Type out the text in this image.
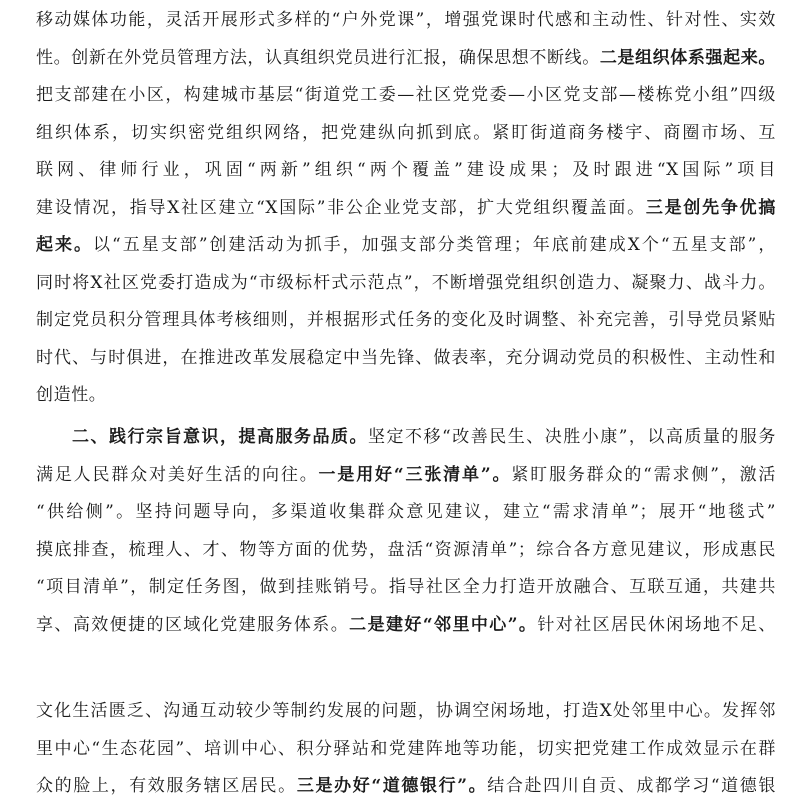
移动媒体功能，灵活开展形式多样的“户外党课”，增强党课时代感和主动性、针对性、实效
性。创新在外党员管理方法，认真组织党员进行汇报，确保思想不断线。二是组织体系强起来。
把支部建在小区，构建城市基层“街道党工委—社区党党委—小区党支部—楼栋党小组”四级
组织体系，切实织密党组织网络，把党建纵向抓到底。紧盯街道商务楼宇、商圈市场、互
联网、律师行业，巩固“两新”组织“两个覆盖”建设成果；及时跟进“X国际”项目
建设情况，指导X社区建立“X国际”非公企业党支部，扩大党组织覆盖面。三是创先争优搞
起来。以“五星支部”创建活动为抓手，加强支部分类管理；年底前建成X个“五星支部”，
同时将X社区党委打造成为“市级标杆式示范点”，不断增强党组织创造力、凝聚力、战斗力。
制定党员积分管理具体考核细则，并根据形式任务的变化及时调整、补充完善，引导党员紧贴
时代、与时俱进，在推进改革发展稳定中当先锋、做表率，充分调动党员的积极性、主动性和
创造性。
二、践行宗旨意识，提高服务品质。坚定不移“改善民生、决胜小康”，以高质量的服务
满足人民群众对美好生活的向往。一是用好“三张清单”。紧盯服务群众的“需求侧”，激活
“供给侧”。坚持问题导向，多渠道收集群众意见建议，建立“需求清单”；展开“地毯式”
摸底排查，梳理人、才、物等方面的优势，盘活“资源清单”；综合各方意见建议，形成惠民
“项目清单”，制定任务图，做到挂账销号。指导社区全力打造开放融合、互联互通，共建共
享、高效便捷的区域化党建服务体系。二是建好“邻里中心”。针对社区居民休闲场地不足、
文化生活匮乏、沟通互动较少等制约发展的问题，协调空闲场地，打造X处邻里中心。发挥邻
里中心“生态花园”、培训中心、积分驿站和党建阵地等功能，切实把党建工作成效显示在群
众的脸上，有效服务辖区居民。三是办好“道德银行”。结合赴四川自贡、成都学习“道德银
